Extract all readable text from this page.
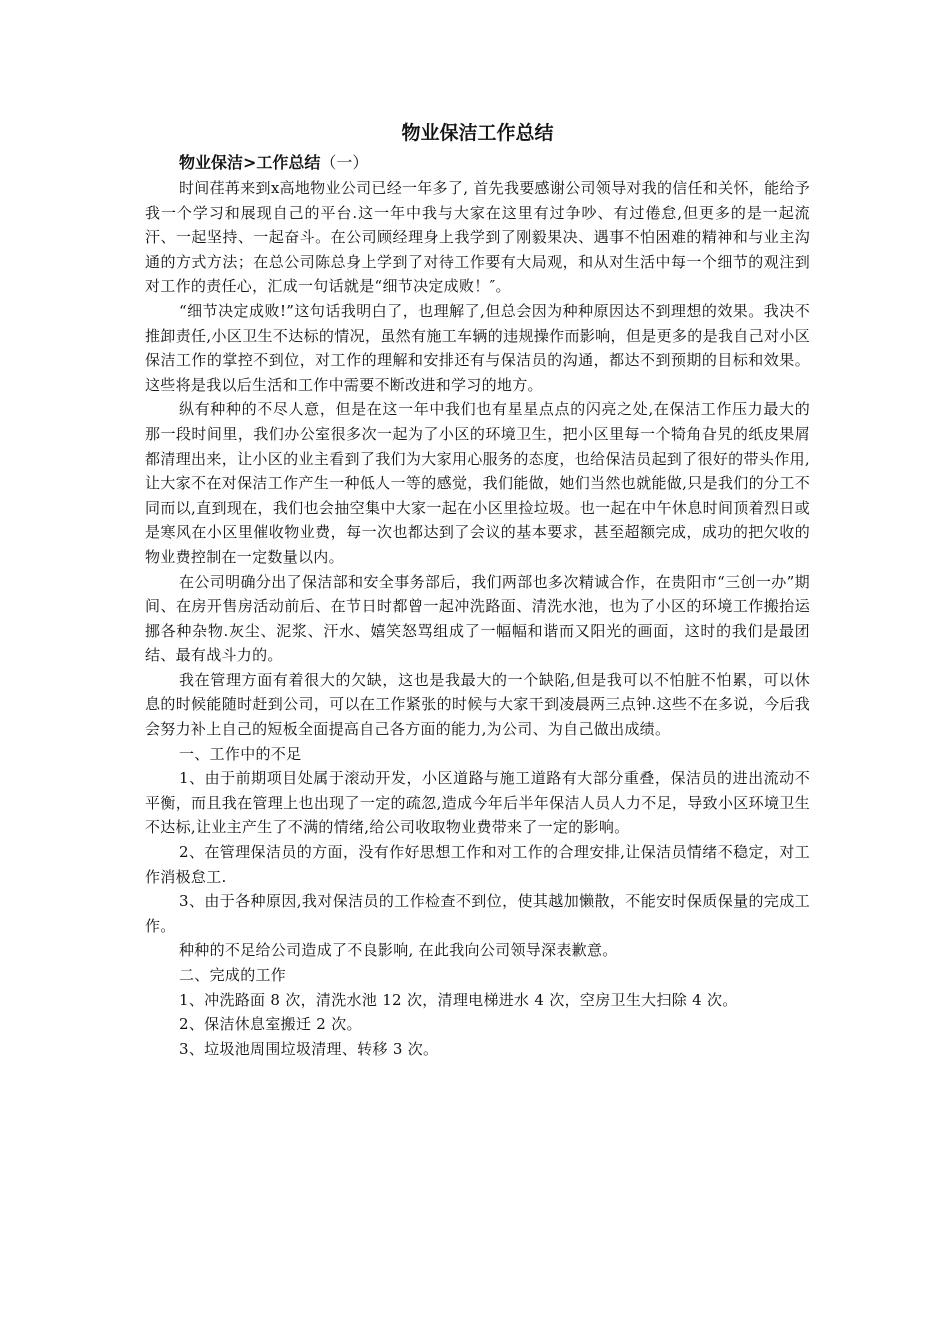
物业保洁工作总结

物业保洁>工作总结（一）

时间荏苒来到x高地物业公司已经一年多了, 首先我要感谢公司领导对我的信任和关怀，能给予我一个学习和展现自己的平台.这一年中我与大家在这里有过争吵、有过倦怠,但更多的是一起流汗、一起坚持、一起奋斗。在公司顾经理身上我学到了刚毅果决、遇事不怕困难的精神和与业主沟通的方式方法；在总公司陈总身上学到了对待工作要有大局观，和从对生活中每一个细节的观注到对工作的责任心，汇成一句话就是“细节决定成败！″。

“细节决定成败!”这句话我明白了，也理解了,但总会因为种种原因达不到理想的效果。我决不推卸责任,小区卫生不达标的情况，虽然有施工车辆的违规操作而影响，但是更多的是我自己对小区保洁工作的掌控不到位，对工作的理解和安排还有与保洁员的沟通，都达不到预期的目标和效果。这些将是我以后生活和工作中需要不断改进和学习的地方。

纵有种种的不尽人意，但是在这一年中我们也有星星点点的闪亮之处,在保洁工作压力最大的那一段时间里，我们办公室很多次一起为了小区的环境卫生，把小区里每一个犄角旮旯的纸皮果屑都清理出来，让小区的业主看到了我们为大家用心服务的态度，也给保洁员起到了很好的带头作用,让大家不在对保洁工作产生一种低人一等的感觉，我们能做，她们当然也就能做,只是我们的分工不同而以,直到现在，我们也会抽空集中大家一起在小区里捡垃圾。也一起在中午休息时间顶着烈日或是寒风在小区里催收物业费，每一次也都达到了会议的基本要求，甚至超额完成，成功的把欠收的物业费控制在一定数量以内。

在公司明确分出了保洁部和安全事务部后，我们两部也多次精诚合作，在贵阳市“三创一办”期间、在房开售房活动前后、在节日时都曾一起冲洗路面、清洗水池，也为了小区的环境工作搬抬运挪各种杂物.灰尘、泥浆、汗水、嬉笑怒骂组成了一幅幅和谐而又阳光的画面，这时的我们是最团结、最有战斗力的。

我在管理方面有着很大的欠缺，这也是我最大的一个缺陷,但是我可以不怕脏不怕累，可以休息的时候能随时赶到公司，可以在工作紧张的时候与大家干到凌晨两三点钟.这些不在多说，今后我会努力补上自己的短板全面提高自己各方面的能力,为公司、为自己做出成绩。

一、工作中的不足

1、由于前期项目处属于滚动开发，小区道路与施工道路有大部分重叠，保洁员的进出流动不平衡，而且我在管理上也出现了一定的疏忽,造成今年后半年保洁人员人力不足，导致小区环境卫生不达标,让业主产生了不满的情绪,给公司收取物业费带来了一定的影响。

2、在管理保洁员的方面，没有作好思想工作和对工作的合理安排,让保洁员情绪不稳定，对工作消极怠工.

3、由于各种原因,我对保洁员的工作检查不到位，使其越加懒散，不能安时保质保量的完成工作。

种种的不足给公司造成了不良影响, 在此我向公司领导深表歉意。

二、完成的工作

1、冲洗路面 8 次，清洗水池 12 次，清理电梯进水 4 次，空房卫生大扫除 4 次。

2、保洁休息室搬迁 2 次。

3、垃圾池周围垃圾清理、转移 3 次。
